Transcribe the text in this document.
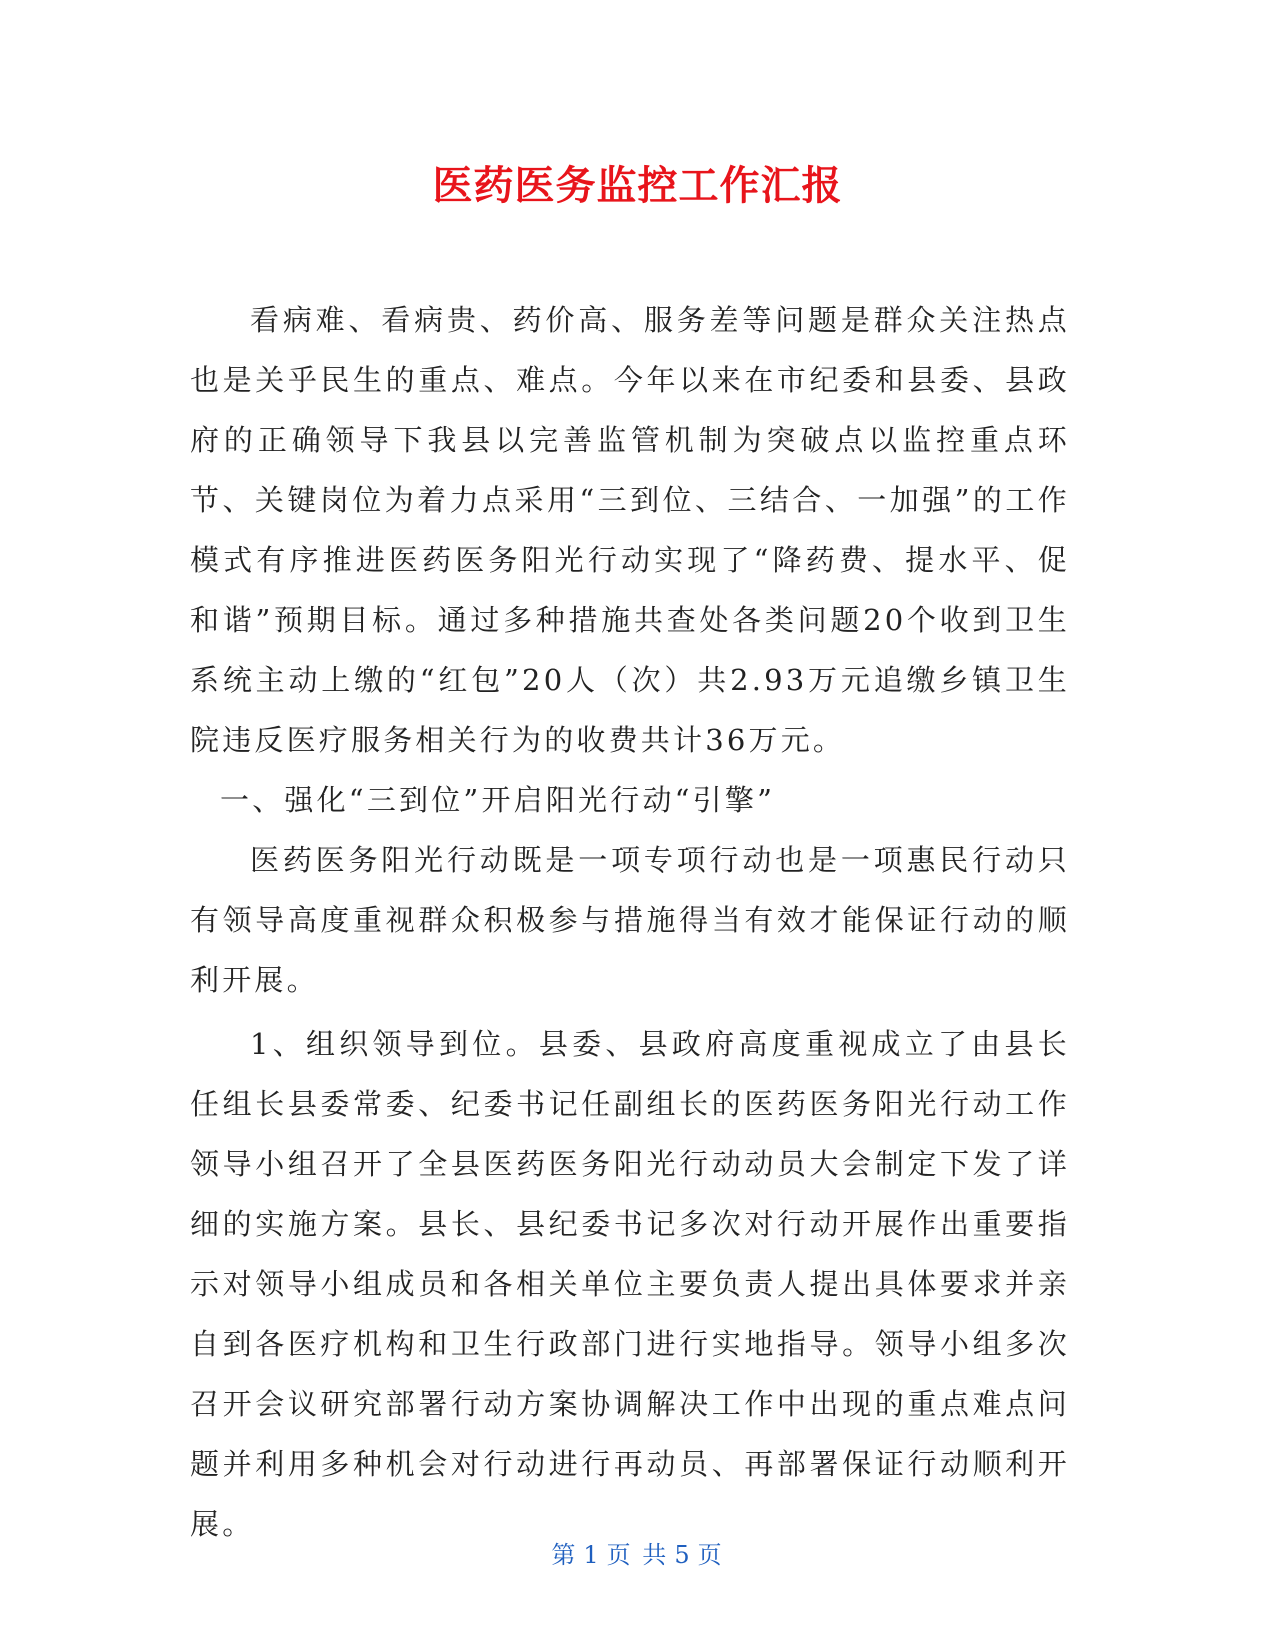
医药医务监控工作汇报

看病难、看病贵、药价高、服务差等问题是群众关注热点也是关乎民生的重点、难点。今年以来在市纪委和县委、县政府的正确领导下我县以完善监管机制为突破点以监控重点环节、关键岗位为着力点采用“三到位、三结合、一加强”的工作模式有序推进医药医务阳光行动实现了“降药费、提水平、促和谐”预期目标。通过多种措施共查处各类问题20个收到卫生系统主动上缴的“红包”20人（次）共2.93万元追缴乡镇卫生院违反医疗服务相关行为的收费共计36万元。

一、强化“三到位”开启阳光行动“引擎”

医药医务阳光行动既是一项专项行动也是一项惠民行动只有领导高度重视群众积极参与措施得当有效才能保证行动的顺利开展。

1、组织领导到位。县委、县政府高度重视成立了由县长任组长县委常委、纪委书记任副组长的医药医务阳光行动工作领导小组召开了全县医药医务阳光行动动员大会制定下发了详细的实施方案。县长、县纪委书记多次对行动开展作出重要指示对领导小组成员和各相关单位主要负责人提出具体要求并亲自到各医疗机构和卫生行政部门进行实地指导。领导小组多次召开会议研究部署行动方案协调解决工作中出现的重点难点问题并利用多种机会对行动进行再动员、再部署保证行动顺利开展。

第 1 页 共 5 页
